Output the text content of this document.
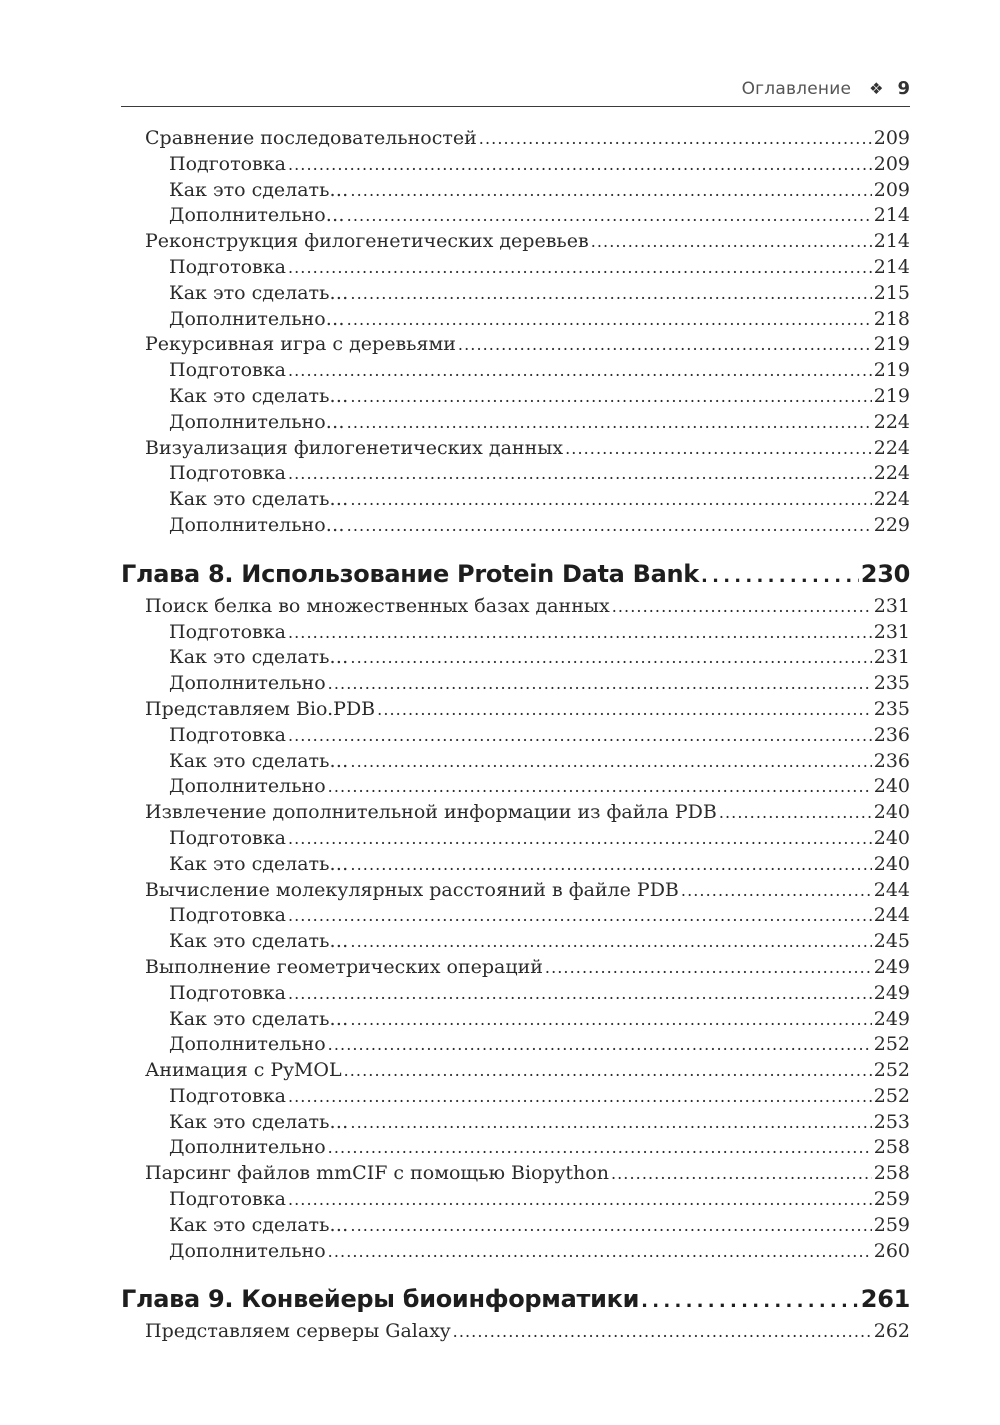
Оглавление ❖ 9
Сравнение последовательностей . . .	209
Подготовка . . .	209
Как это сделать… . . .	209
Дополнительно… . . .	214
Реконструкция филогенетических деревьев . . .	214
Подготовка . . .	214
Как это сделать… . . .	215
Дополнительно… . . .	218
Рекурсивная игра с деревьями . . .	219
Подготовка . . .	219
Как это сделать… . . .	219
Дополнительно… . . .	224
Визуализация филогенетических данных . . .	224
Подготовка . . .	224
Как это сделать… . . .	224
Дополнительно… . . .	229
Глава 8. Использование Protein Data Bank . . .	230
Поиск белка во множественных базах данных . . .	231
Подготовка . . .	231
Как это сделать… . . .	231
Дополнительно . . .	235
Представляем Bio.PDB . . .	235
Подготовка . . .	236
Как это сделать… . . .	236
Дополнительно . . .	240
Извлечение дополнительной информации из файла PDB . . .	240
Подготовка . . .	240
Как это сделать… . . .	240
Вычисление молекулярных расстояний в файле PDB . . .	244
Подготовка . . .	244
Как это сделать… . . .	245
Выполнение геометрических операций . . .	249
Подготовка . . .	249
Как это сделать… . . .	249
Дополнительно . . .	252
Анимация с PyMOL . . .	252
Подготовка . . .	252
Как это сделать… . . .	253
Дополнительно . . .	258
Парсинг файлов mmCIF с помощью Biopython . . .	258
Подготовка . . .	259
Как это сделать… . . .	259
Дополнительно . . .	260
Глава 9. Конвейеры биоинформатики . . .	261
Представляем серверы Galaxy . . .	262
